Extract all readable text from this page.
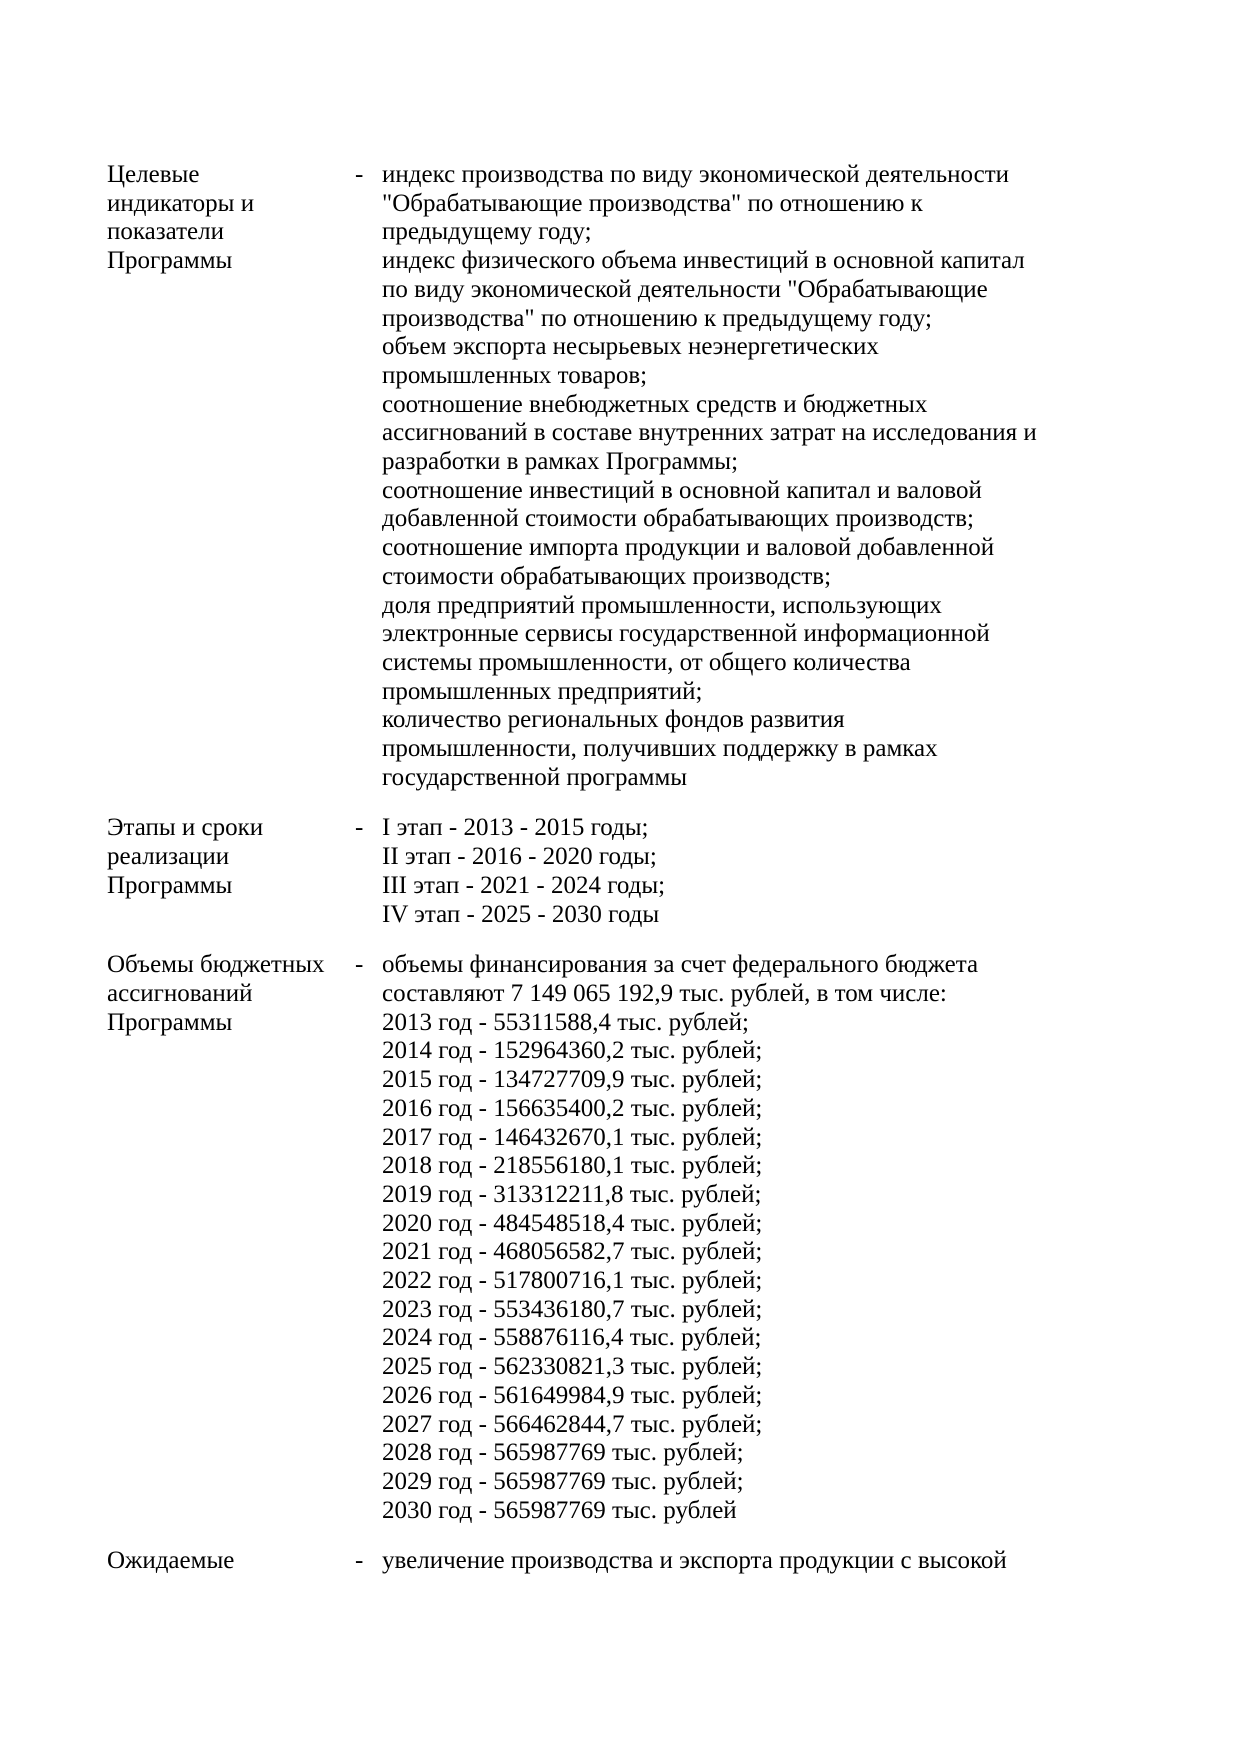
Целевые
индикаторы и
показатели
Программы
- индекс производства по виду экономической деятельности
"Обрабатывающие производства" по отношению к
предыдущему году;
индекс физического объема инвестиций в основной капитал
по виду экономической деятельности "Обрабатывающие
производства" по отношению к предыдущему году;
объем экспорта несырьевых неэнергетических
промышленных товаров;
соотношение внебюджетных средств и бюджетных
ассигнований в составе внутренних затрат на исследования и
разработки в рамках Программы;
соотношение инвестиций в основной капитал и валовой
добавленной стоимости обрабатывающих производств;
соотношение импорта продукции и валовой добавленной
стоимости обрабатывающих производств;
доля предприятий промышленности, использующих
электронные сервисы государственной информационной
системы промышленности, от общего количества
промышленных предприятий;
количество региональных фондов развития
промышленности, получивших поддержку в рамках
государственной программы
Этапы и сроки
реализации
Программы
- I этап - 2013 - 2015 годы;
II этап - 2016 - 2020 годы;
III этап - 2021 - 2024 годы;
IV этап - 2025 - 2030 годы
Объемы бюджетных
ассигнований
Программы
- объемы финансирования за счет федерального бюджета
составляют 7 149 065 192,9 тыс. рублей, в том числе:
2013 год - 55311588,4 тыс. рублей;
2014 год - 152964360,2 тыс. рублей;
2015 год - 134727709,9 тыс. рублей;
2016 год - 156635400,2 тыс. рублей;
2017 год - 146432670,1 тыс. рублей;
2018 год - 218556180,1 тыс. рублей;
2019 год - 313312211,8 тыс. рублей;
2020 год - 484548518,4 тыс. рублей;
2021 год - 468056582,7 тыс. рублей;
2022 год - 517800716,1 тыс. рублей;
2023 год - 553436180,7 тыс. рублей;
2024 год - 558876116,4 тыс. рублей;
2025 год - 562330821,3 тыс. рублей;
2026 год - 561649984,9 тыс. рублей;
2027 год - 566462844,7 тыс. рублей;
2028 год - 565987769 тыс. рублей;
2029 год - 565987769 тыс. рублей;
2030 год - 565987769 тыс. рублей
Ожидаемые	- увеличение производства и экспорта продукции с высокой
